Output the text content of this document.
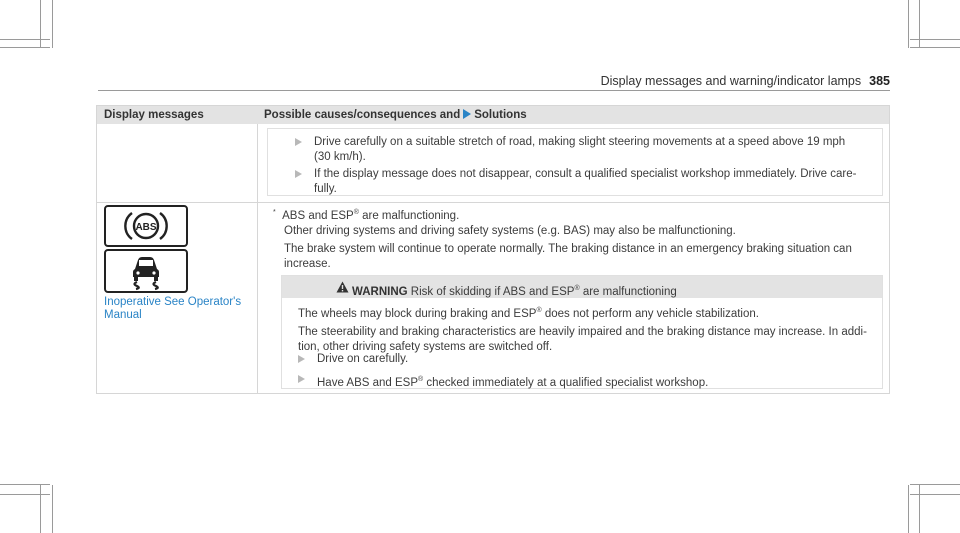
Display messages and warning/indicator lamps 385
Display messages	Possible causes/consequences and Solutions
Drive carefully on a suitable stretch of road, making slight steering movements at a speed above 19 mph
(30 km/h).
If the display message does not disappear, consult a qualified specialist workshop immediately. Drive care-
fully.
ABS
Inoperative See Operator's
Manual
* ABS and ESP® are malfunctioning.
Other driving systems and driving safety systems (e.g. BAS) may also be malfunctioning.
The brake system will continue to operate normally. The braking distance in an emergency braking situation can
increase.
WARNING Risk of skidding if ABS and ESP® are malfunctioning
The wheels may block during braking and ESP® does not perform any vehicle stabilization.
The steerability and braking characteristics are heavily impaired and the braking distance may increase. In addi-
tion, other driving safety systems are switched off.
Drive on carefully.
Have ABS and ESP® checked immediately at a qualified specialist workshop.
